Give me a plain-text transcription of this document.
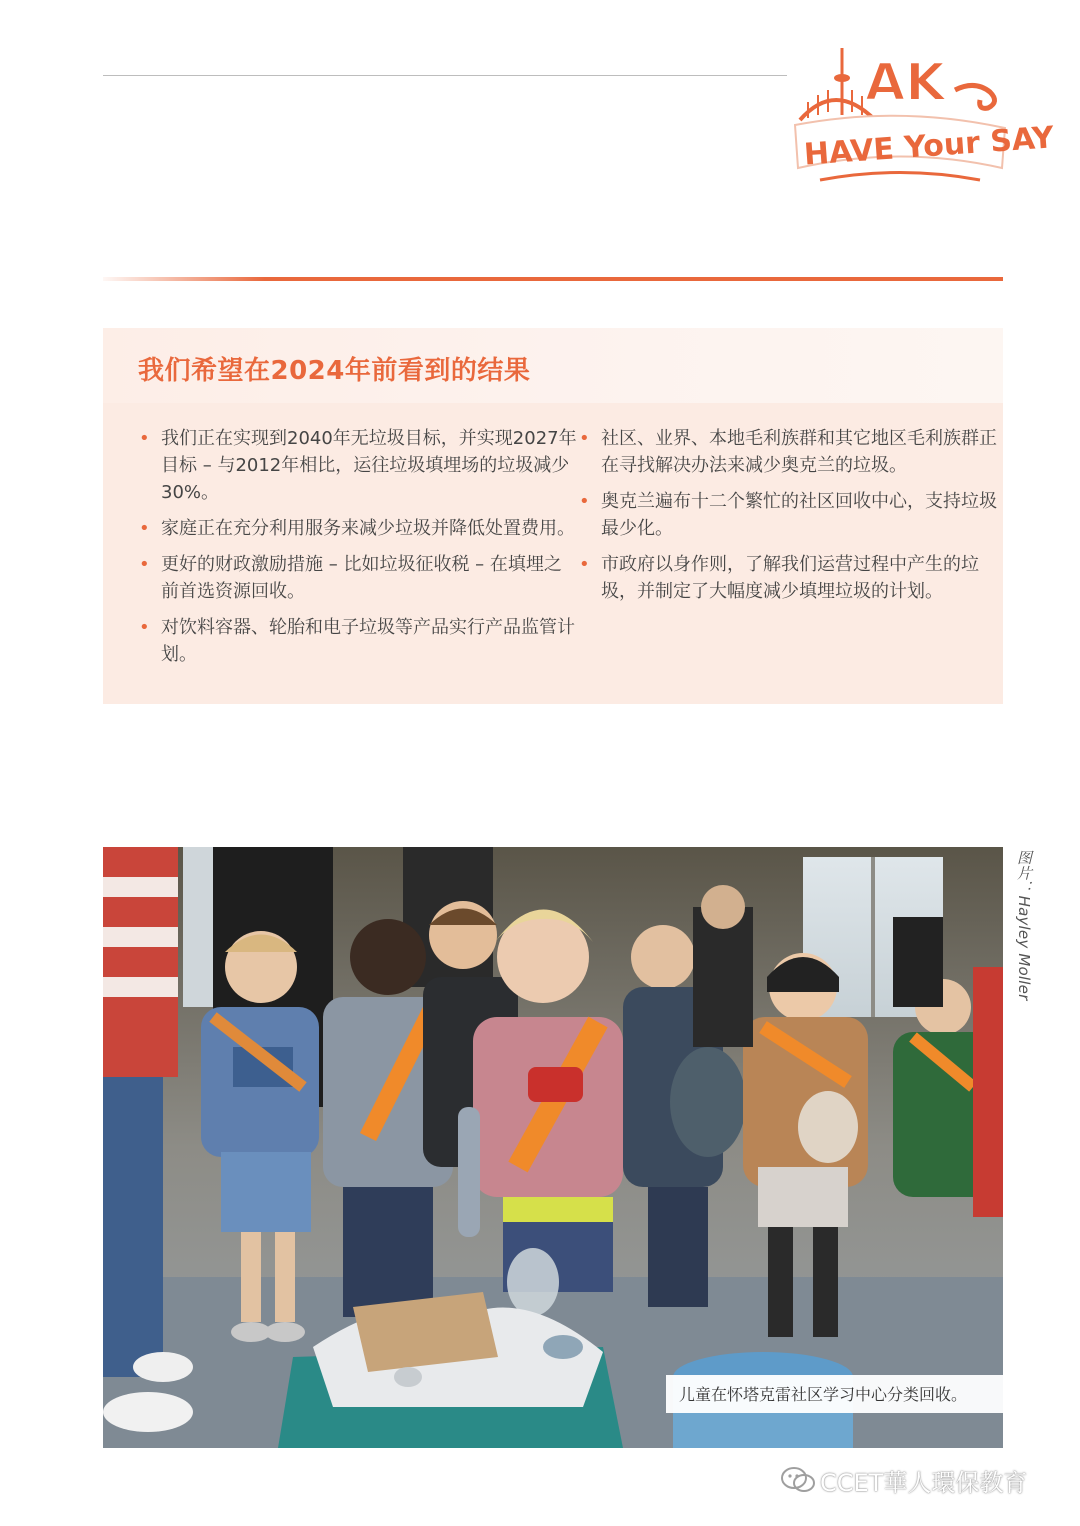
AK
HAVE Your SAY
我们希望在2024年前看到的结果
• 我们正在实现到2040年无垃圾目标，并实现2027年目标 – 与2012年相比，运往垃圾填埋场的垃圾减少30%。
• 家庭正在充分利用服务来减少垃圾并降低处置费用。
• 更好的财政激励措施 – 比如垃圾征收税 – 在填埋之前首选资源回收。
• 对饮料容器、轮胎和电子垃圾等产品实行产品监管计划。
• 社区、业界、本地毛利族群和其它地区毛利族群正在寻找解决办法来减少奥克兰的垃圾。
• 奥克兰遍布十二个繁忙的社区回收中心，支持垃圾最少化。
• 市政府以身作则，了解我们运营过程中产生的垃圾，并制定了大幅度减少填埋垃圾的计划。
儿童在怀塔克雷社区学习中心分类回收。
图片：Hayley Moller
CCET華人環保教育
